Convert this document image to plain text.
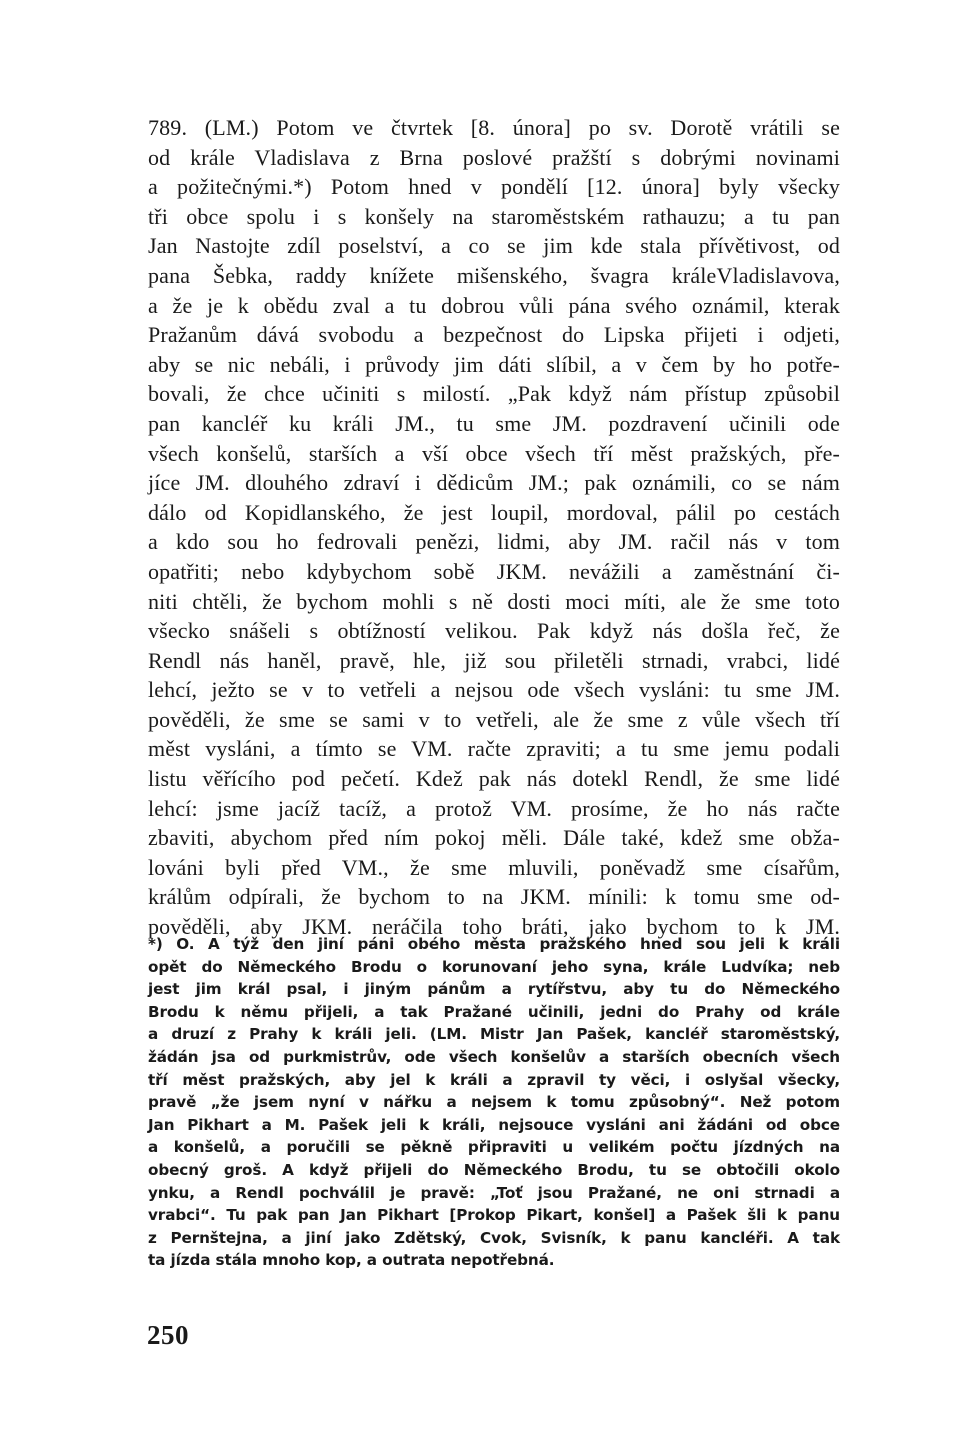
789. (LM.) Potom ve čtvrtek [8. února] po sv. Dorotě vrátili se
od krále Vladislava z Brna poslové pražští s dobrými novinami
a požitečnými.*) Potom hned v pondělí [12. února] byly všecky
tři obce spolu i s konšely na staroměstském rathauzu; a tu pan
Jan Nastojte zdíl poselství, a co se jim kde stala přívětivost, od
pana Šebka, raddy knížete mišenského, švagra králeVladislavova,
a že je k obědu zval a tu dobrou vůli pána svého oznámil, kterak
Pražanům dává svobodu a bezpečnost do Lipska přijeti i odjeti,
aby se nic nebáli, i průvody jim dáti slíbil, a v čem by ho potře-
bovali, že chce učiniti s milostí. „Pak když nám přístup způsobil
pan kancléř ku králi JM., tu sme JM. pozdravení učinili ode
všech konšelů, starších a vší obce všech tří měst pražských, pře-
jíce JM. dlouhého zdraví i dědicům JM.; pak oznámili, co se nám
dálo od Kopidlanského, že jest loupil, mordoval, pálil po cestách
a kdo sou ho fedrovali penězi, lidmi, aby JM. račil nás v tom
opatřiti; nebo kdybychom sobě JKM. nevážili a zaměstnání či-
niti chtěli, že bychom mohli s ně dosti moci míti, ale že sme toto
všecko snášeli s obtížností velikou. Pak když nás došla řeč, že
Rendl nás haněl, pravě, hle, již sou přiletěli strnadi, vrabci, lidé
lehcí, ježto se v to vetřeli a nejsou ode všech vysláni: tu sme JM.
pověděli, že sme se sami v to vetřeli, ale že sme z vůle všech tří
měst vysláni, a tímto se VM. račte zpraviti; a tu sme jemu podali
listu věřícího pod pečetí. Kdež pak nás dotekl Rendl, že sme lidé
lehcí: jsme jacíž tacíž, a protož VM. prosíme, že ho nás račte
zbaviti, abychom před ním pokoj měli. Dále také, kdež sme obža-
lováni byli před VM., že sme mluvili, poněvadž sme císařům,
králům odpírali, že bychom to na JKM. mínili: k tomu sme od-
pověděli, aby JKM. neráčila toho bráti, jako bychom to k JM.
*) O. A týž den jiní páni obého města pražského hned sou jeli k králi
opět do Německého Brodu o korunovaní jeho syna, krále Ludvíka; neb
jest jim král psal, i jiným pánům a rytířstvu, aby tu do Německého
Brodu k němu přijeli, a tak Pražané učinili, jedni do Prahy od krále
a druzí z Prahy k králi jeli. (LM. Mistr Jan Pašek, kancléř staroměstský,
žádán jsa od purkmistrův, ode všech konšelův a starších obecních všech
tří měst pražských, aby jel k králi a zpravil ty věci, i oslyšal všecky,
pravě „že jsem nyní v nářku a nejsem k tomu způsobný“. Než potom
Jan Pikhart a M. Pašek jeli k králi, nejsouce vysláni ani žádáni od obce
a konšelů, a poručili se pěkně připraviti u velikém počtu jízdných na
obecný groš. A když přijeli do Německého Brodu, tu se obtočili okolo
ynku, a Rendl pochválil je pravě: „Toť jsou Pražané, ne oni strnadi a
vrabci“. Tu pak pan Jan Pikhart [Prokop Pikart, konšel] a Pašek šli k panu
z Pernštejna, a jiní jako Zdětský, Cvok, Svisník, k panu kancléři. A tak
ta jízda stála mnoho kop, a outrata nepotřebná.
250
